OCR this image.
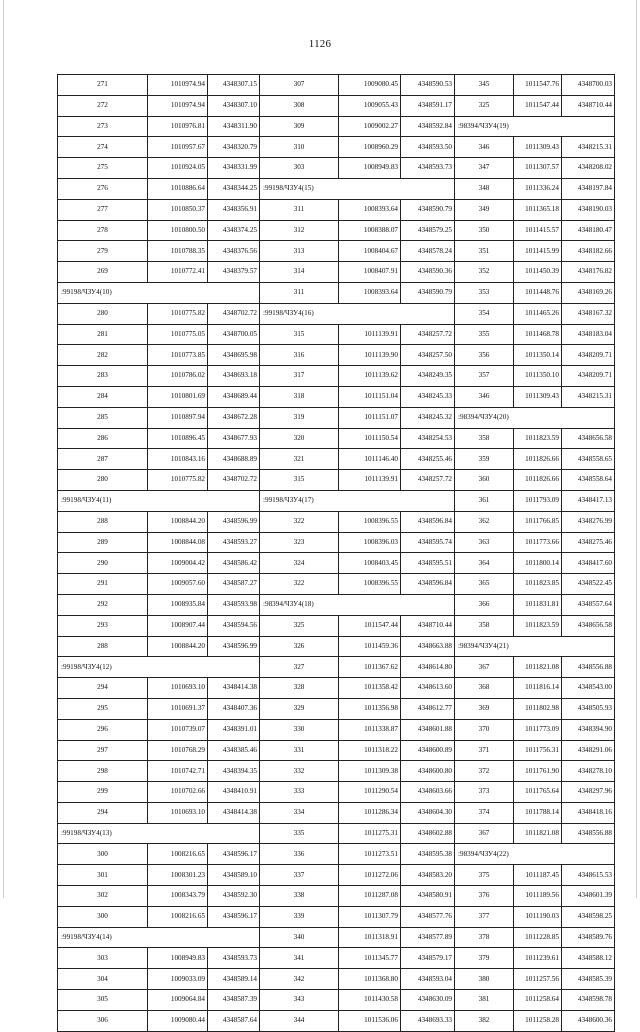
1126
271	1010974.94	4348307.15	307	1009080.45	4348590.53	345	1011547.76	4348700.03
272	1010974.94	4348307.10	308	1009055.43	4348591.17	325	1011547.44	4348710.44
273	1010976.81	4348311.90	309	1009002.27	4348592.84	:98394/ЧЗУ4(19)		
274	1010957.67	4348320.79	310	1008960.29	4348593.50	346	1011309.43	4348215.31
275	1010924.05	4348331.99	303	1008949.83	4348593.73	347	1011307.57	4348208.02
276	1010886.64	4348344.25	:99198/ЧЗУ4(15)			348	1011336.24	4348197.84
277	1010850.37	4348356.91	311	1008393.64	4348590.79	349	1011365.18	4348190.03
278	1010800.50	4348374.25	312	1008388.07	4348579.25	350	1011415.57	4348180.47
279	1010788.35	4348376.56	313	1008404.67	4348578.24	351	1011415.99	4348182.66
269	1010772.41	4348379.57	314	1008407.91	4348590.36	352	1011450.39	4348176.82
:99198/ЧЗУ4(10)			311	1008393.64	4348590.79	353	1011448.76	4348169.26
280	1010775.82	4348702.72	:99198/ЧЗУ4(16)			354	1011465.26	4348167.32
281	1010775.05	4348700.05	315	1011139.91	4348257.72	355	1011468.78	4348183.04
282	1010773.85	4348695.98	316	1011139.90	4348257.50	356	1011350.14	4348209.71
283	1010786.02	4348693.18	317	1011139.62	4348249.35	357	1011350.10	4348209.71
284	1010801.69	4348689.44	318	1011151.04	4348245.33	346	1011309.43	4348215.31
285	1010897.94	4348672.28	319	1011151.07	4348245.32	:98394/ЧЗУ4(20)		
286	1010896.45	4348677.93	320	1011150.54	4348254.53	358	1011823.59	4348656.58
287	1010843.16	4348688.89	321	1011146.40	4348255.46	359	1011826.66	4348558.65
280	1010775.82	4348702.72	315	1011139.91	4348257.72	360	1011826.66	4348558.64
:99198/ЧЗУ4(11)			:99198/ЧЗУ4(17)			361	1011793.09	4348417.13
288	1008844.20	4348596.99	322	1008396.55	4348596.84	362	1011766.85	4348276.99
289	1008844.08	4348593.27	323	1008396.03	4348595.74	363	1011773.66	4348275.46
290	1009004.42	4348586.42	324	1008403.45	4348595.51	364	1011800.14	4348417.60
291	1009057.60	4348587.27	322	1008396.55	4348596.84	365	1011823.85	4348522.45
292	1008935.84	4348593.98	:98394/ЧЗУ4(18)			366	1011831.81	4348557.64
293	1008907.44	4348594.56	325	1011547.44	4348710.44	358	1011823.59	4348656.58
288	1008844.20	4348596.99	326	1011459.36	4348663.88	:98394/ЧЗУ4(21)		
:99198/ЧЗУ4(12)			327	1011367.62	4348614.80	367	1011821.08	4348556.88
294	1010693.10	4348414.38	328	1011358.42	4348613.60	368	1011816.14	4348543.00
295	1010691.37	4348407.36	329	1011356.98	4348612.77	369	1011802.98	4348505.93
296	1010739.07	4348391.01	330	1011338.87	4348601.88	370	1011773.09	4348394.90
297	1010768.29	4348385.46	331	1011318.22	4348600.89	371	1011756.31	4348291.06
298	1010742.71	4348394.35	332	1011309.38	4348600.80	372	1011761.90	4348278.10
299	1010702.66	4348410.91	333	1011290.54	4348603.66	373	1011765.64	4348297.96
294	1010693.10	4348414.38	334	1011286.34	4348604.30	374	1011788.14	4348418.16
:99198/ЧЗУ4(13)			335	1011275.31	4348602.88	367	1011821.08	4348556.88
300	1008216.65	4348596.17	336	1011273.51	4348595.38	:98394/ЧЗУ4(22)		
301	1008301.23	4348589.10	337	1011272.06	4348583.20	375	1011187.45	4348615.53
302	1008343.79	4348592.30	338	1011287.08	4348580.91	376	1011189.56	4348601.39
300	1008216.65	4348596.17	339	1011307.79	4348577.76	377	1011190.03	4348598.25
:99198/ЧЗУ4(14)			340	1011318.91	4348577.89	378	1011228.85	4348589.76
303	1008949.83	4348593.73	341	1011345.77	4348579.17	379	1011239.61	4348588.12
304	1009033.09	4348589.14	342	1011368.80	4348593.04	380	1011257.56	4348585.39
305	1009064.84	4348587.39	343	1011430.58	4348630.09	381	1011258.64	4348598.78
306	1009080.44	4348587.64	344	1011536.06	4348693.33	382	1011258.28	4348600.36
